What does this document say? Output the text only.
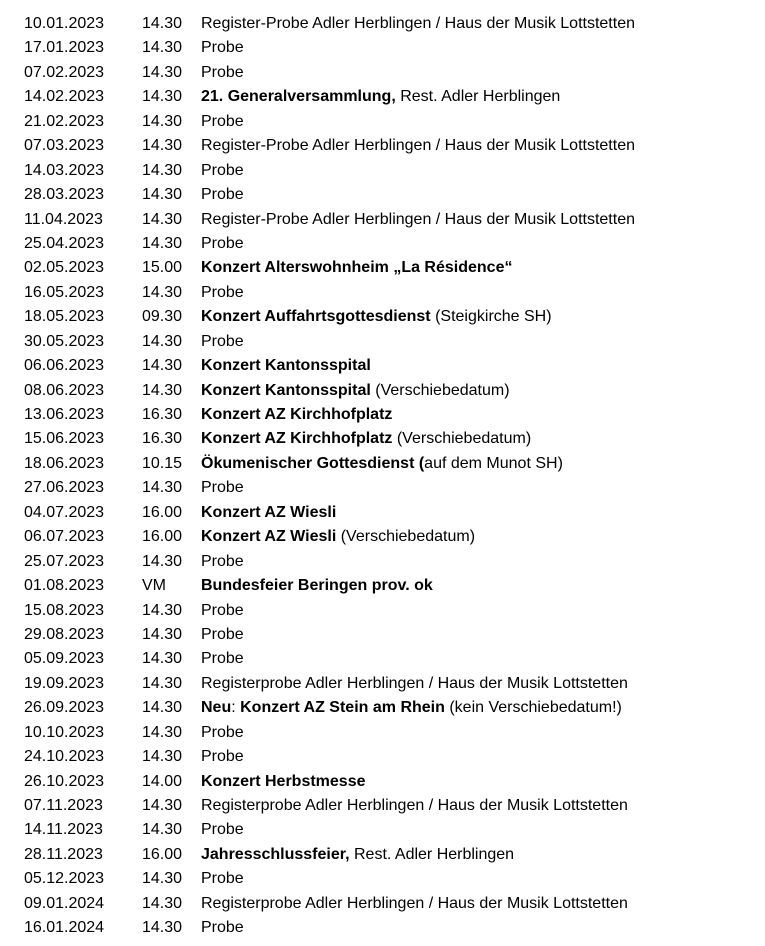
10.01.2023 14.30 Register-Probe Adler Herblingen / Haus der Musik Lottstetten
17.01.2023 14.30 Probe
07.02.2023 14.30 Probe
14.02.2023 14.30 21. Generalversammlung, Rest. Adler Herblingen
21.02.2023 14.30 Probe
07.03.2023 14.30 Register-Probe Adler Herblingen / Haus der Musik Lottstetten
14.03.2023 14.30 Probe
28.03.2023 14.30 Probe
11.04.2023 14.30 Register-Probe Adler Herblingen / Haus der Musik Lottstetten
25.04.2023 14.30 Probe
02.05.2023 15.00 Konzert Alterswohnheim „La Résidence“
16.05.2023 14.30 Probe
18.05.2023 09.30 Konzert Auffahrtsgottesdienst (Steigkirche SH)
30.05.2023 14.30 Probe
06.06.2023 14.30 Konzert Kantonsspital
08.06.2023 14.30 Konzert Kantonsspital (Verschiebedatum)
13.06.2023 16.30 Konzert AZ Kirchhofplatz
15.06.2023 16.30 Konzert AZ Kirchhofplatz (Verschiebedatum)
18.06.2023 10.15 Ökumenischer Gottesdienst (auf dem Munot SH)
27.06.2023 14.30 Probe
04.07.2023 16.00 Konzert AZ Wiesli
06.07.2023 16.00 Konzert AZ Wiesli (Verschiebedatum)
25.07.2023 14.30 Probe
01.08.2023 VM Bundesfeier Beringen prov. ok
15.08.2023 14.30 Probe
29.08.2023 14.30 Probe
05.09.2023 14.30 Probe
19.09.2023 14.30 Registerprobe Adler Herblingen / Haus der Musik Lottstetten
26.09.2023 14.30 Neu: Konzert AZ Stein am Rhein (kein Verschiebedatum!)
10.10.2023 14.30 Probe
24.10.2023 14.30 Probe
26.10.2023 14.00 Konzert Herbstmesse
07.11.2023 14.30 Registerprobe Adler Herblingen / Haus der Musik Lottstetten
14.11.2023 14.30 Probe
28.11.2023 16.00 Jahresschlussfeier, Rest. Adler Herblingen
05.12.2023 14.30 Probe
09.01.2024 14.30 Registerprobe Adler Herblingen / Haus der Musik Lottstetten
16.01.2024 14.30 Probe
